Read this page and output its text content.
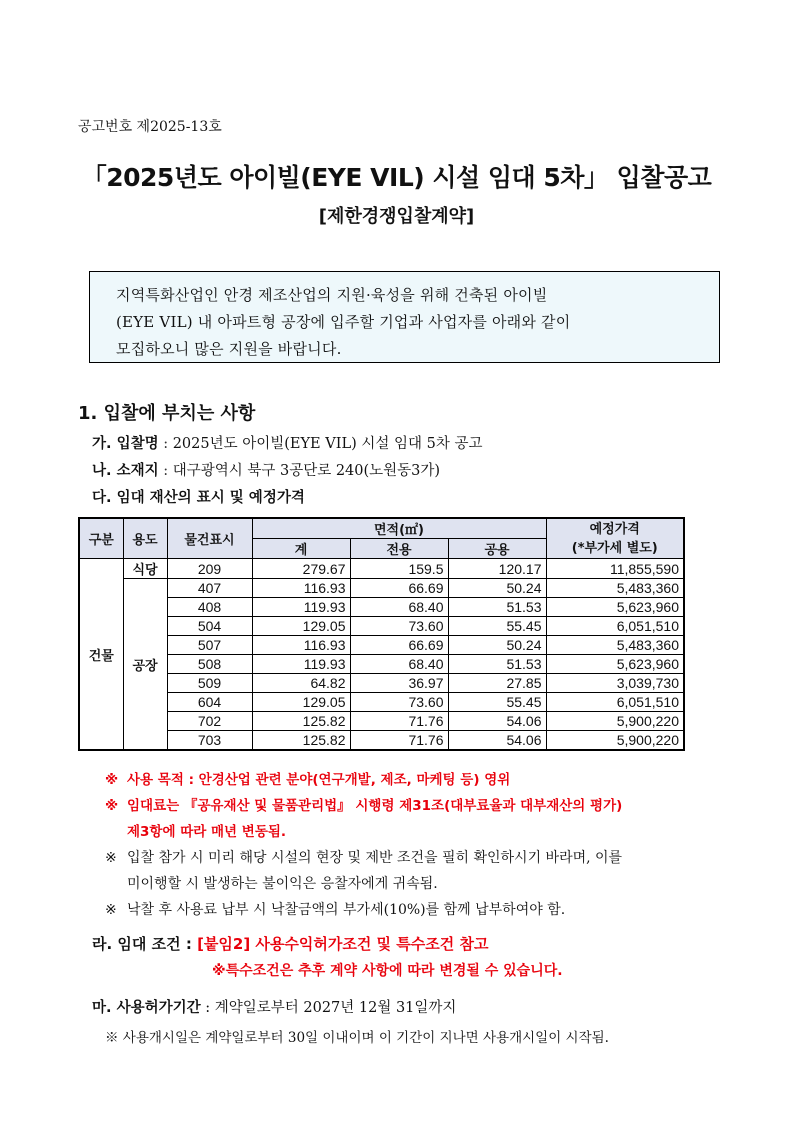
공고번호 제2025-13호
「2025년도 아이빌(EYE VIL) 시설 임대 5차」 입찰공고
[제한경쟁입찰계약]
지역특화산업인 안경 제조산업의 지원·육성을 위해 건축된 아이빌
(EYE VIL) 내 아파트형 공장에 입주할 기업과 사업자를 아래와 같이
모집하오니 많은 지원을 바랍니다.
1. 입찰에 부치는 사항
가. 입찰명 : 2025년도 아이빌(EYE VIL) 시설 임대 5차 공고
나. 소재지 : 대구광역시 북구 3공단로 240(노원동3가)
다. 임대 재산의 표시 및 예정가격
구분	용도	물건표시	면적(㎡)			예정가격
(*부가세 별도)

			계	전용	공용	
건물	식당	209	279.67	159.5	120.17	11,855,590
	공장	407	116.93	66.69	50.24	5,483,360
		408	119.93	68.40	51.53	5,623,960
		504	129.05	73.60	55.45	6,051,510
		507	116.93	66.69	50.24	5,483,360
		508	119.93	68.40	51.53	5,623,960
		509	64.82	36.97	27.85	3,039,730
		604	129.05	73.60	55.45	6,051,510
		702	125.82	71.76	54.06	5,900,220
		703	125.82	71.76	54.06	5,900,220
※ 사용 목적 : 안경산업 관련 분야(연구개발, 제조, 마케팅 등) 영위
※ 임대료는 『공유재산 및 물품관리법』 시행령 제31조(대부료율과 대부재산의 평가)
제3항에 따라 매년 변동됨.
※ 입찰 참가 시 미리 해당 시설의 현장 및 제반 조건을 필히 확인하시기 바라며, 이를
미이행할 시 발생하는 불이익은 응찰자에게 귀속됨.
※ 낙찰 후 사용료 납부 시 낙찰금액의 부가세(10%)를 함께 납부하여야 함.
라. 임대 조건 : [붙임2] 사용수익허가조건 및 특수조건 참고
※특수조건은 추후 계약 사항에 따라 변경될 수 있습니다.
마. 사용허가기간 : 계약일로부터 2027년 12월 31일까지
※ 사용개시일은 계약일로부터 30일 이내이며 이 기간이 지나면 사용개시일이 시작됨.
